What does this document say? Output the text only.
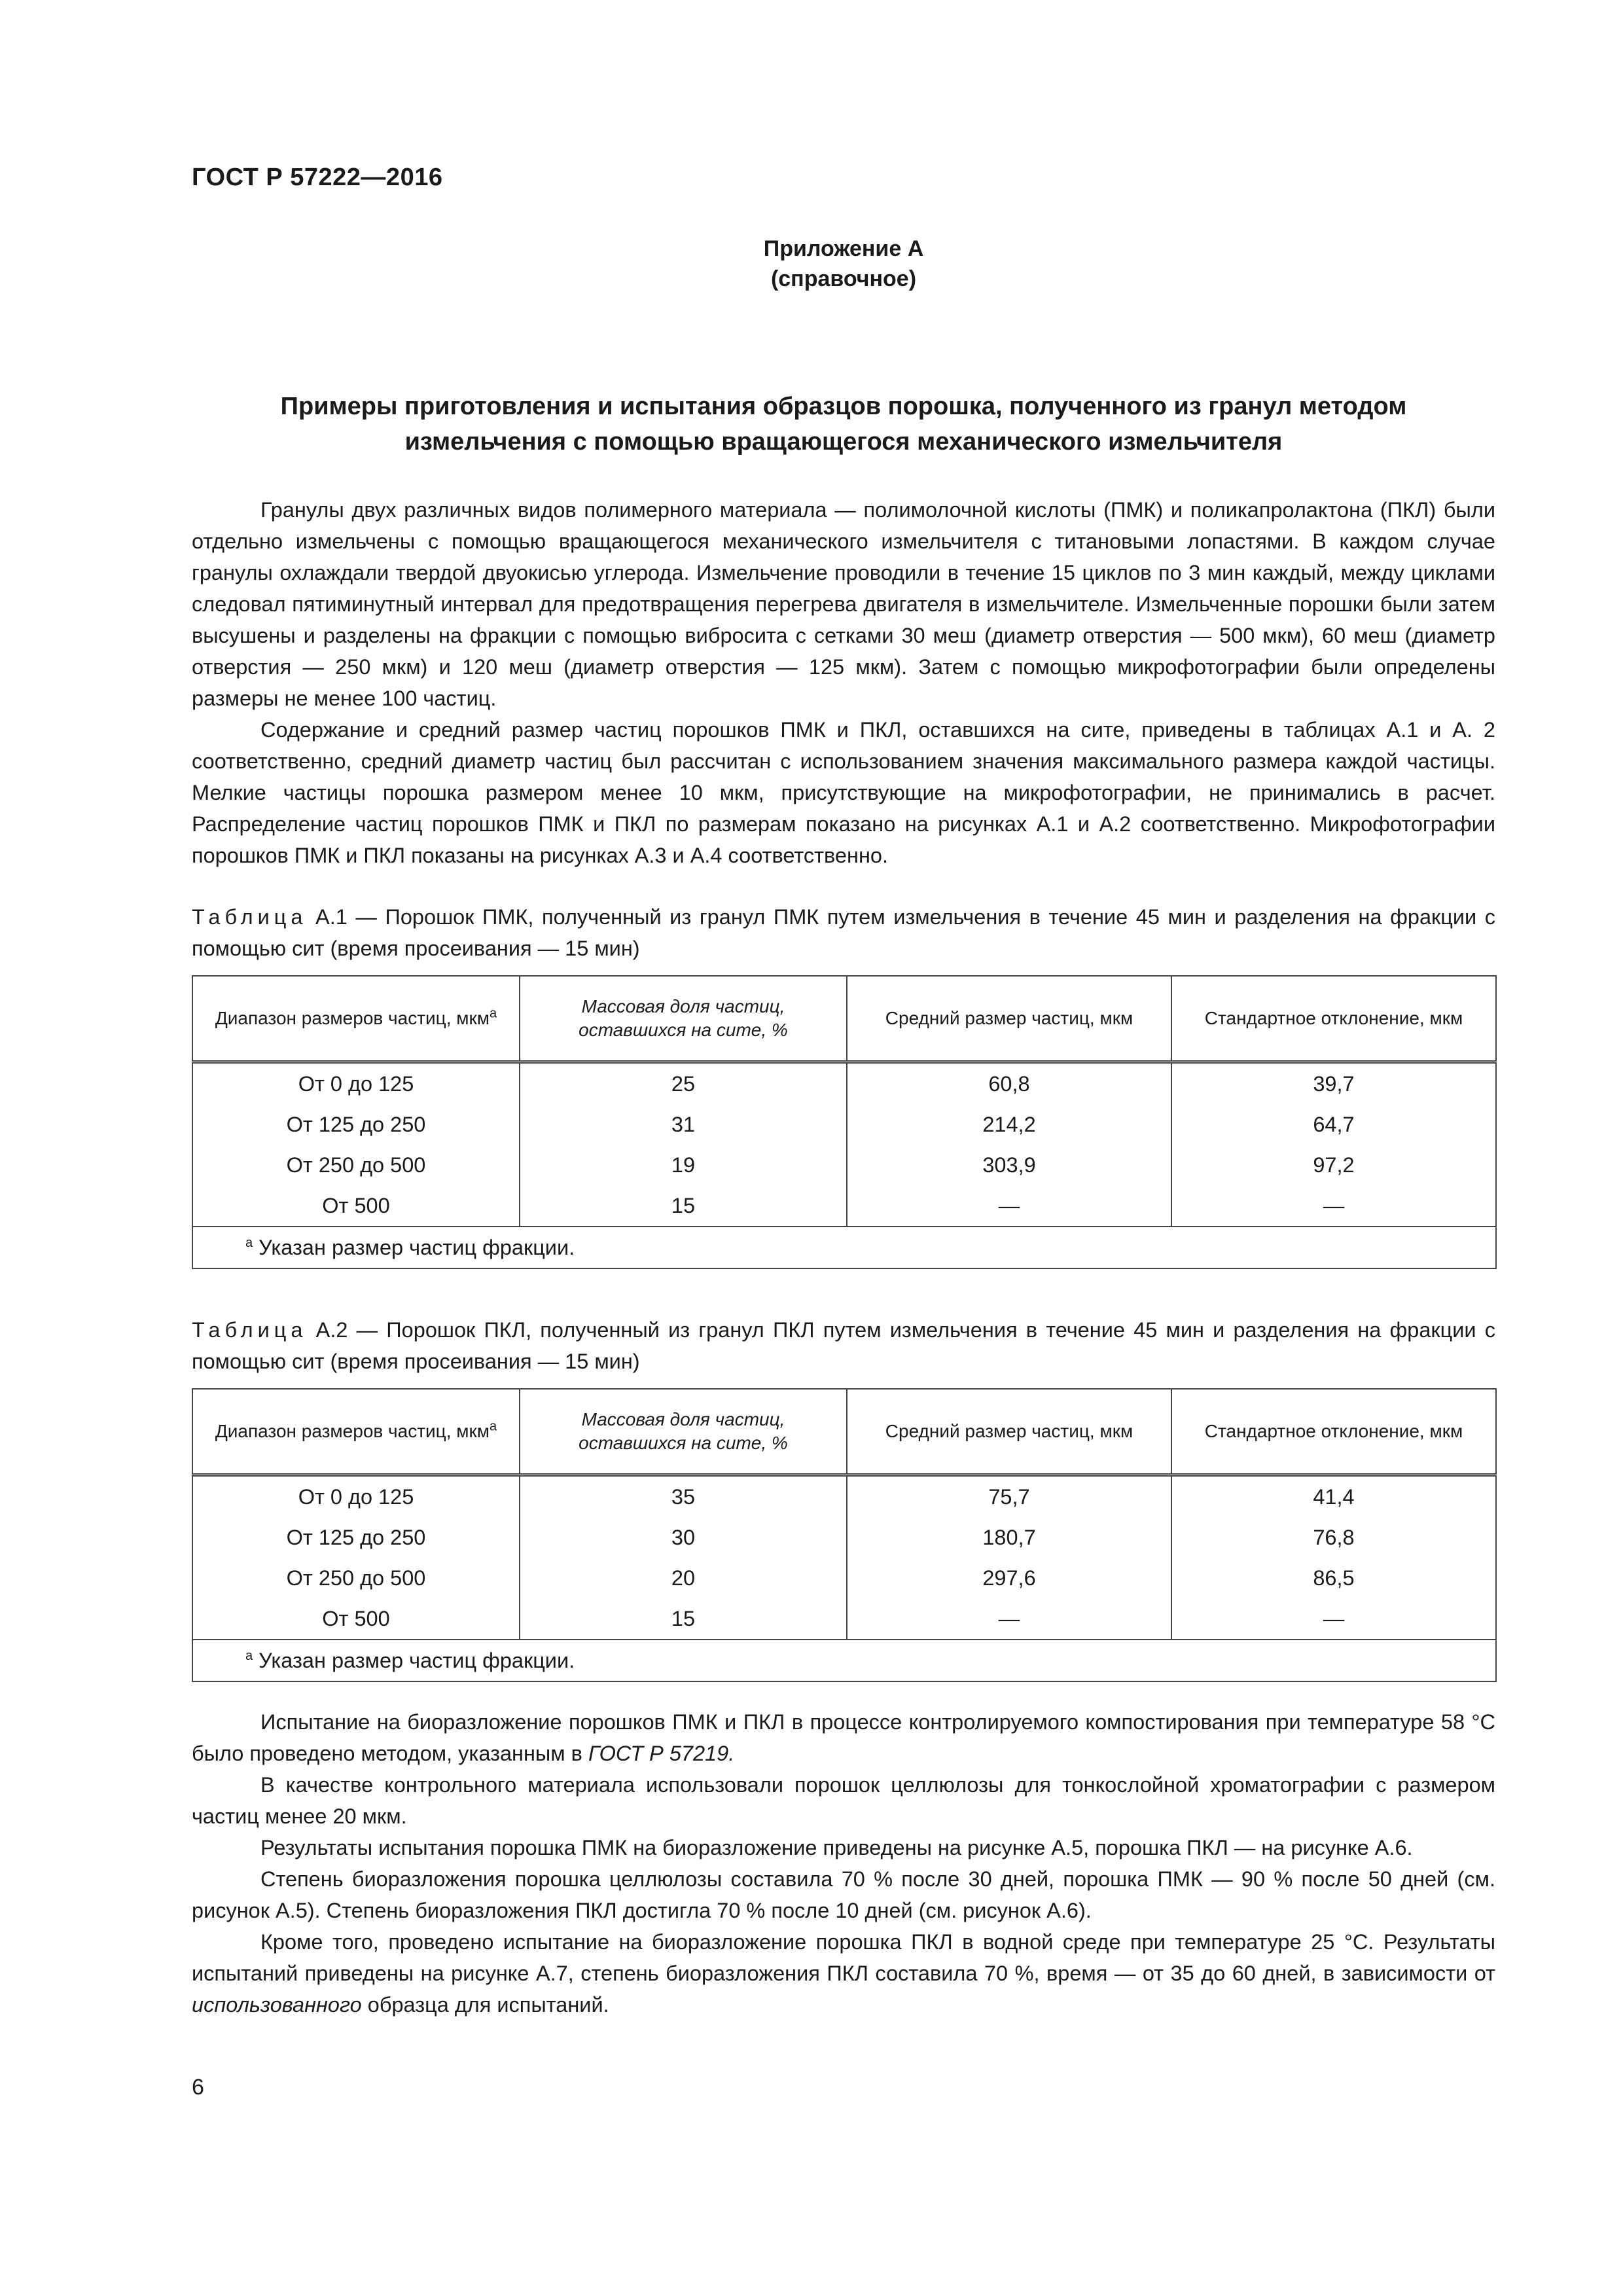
ГОСТ Р 57222—2016
Приложение А
(справочное)
Примеры приготовления и испытания образцов порошка, полученного из гранул методом
измельчения с помощью вращающегося механического измельчителя

Гранулы двух различных видов полимерного материала — полимолочной кислоты (ПМК) и поликапролактона (ПКЛ) были отдельно измельчены с помощью вращающегося механического измельчителя с титановыми лопастями. В каждом случае гранулы охлаждали твердой двуокисью углерода. Измельчение проводили в течение 15 циклов по 3 мин каждый, между циклами следовал пятиминутный интервал для предотвращения перегрева двигателя в измельчителе. Измельченные порошки были затем высушены и разделены на фракции с помощью вибросита с сетками 30 меш (диаметр отверстия — 500 мкм), 60 меш (диаметр отверстия — 250 мкм) и 120 меш (диаметр отверстия — 125 мкм). Затем с помощью микрофотографии были определены размеры не менее 100 частиц.

Содержание и средний размер частиц порошков ПМК и ПКЛ, оставшихся на сите, приведены в таблицах А.1 и А. 2 соответственно, средний диаметр частиц был рассчитан с использованием значения максимального размера каждой частицы. Мелкие частицы порошка размером менее 10 мкм, присутствующие на микрофотографии, не принимались в расчет. Распределение частиц порошков ПМК и ПКЛ по размерам показано на рисунках А.1 и А.2 соответственно. Микрофотографии порошков ПМК и ПКЛ показаны на рисунках А.3 и А.4 соответственно.

Таблица А.1 — Порошок ПМК, полученный из гранул ПМК путем измельчения в течение 45 мин и разделения на фракции с помощью сит (время просеивания — 15 мин)
Диапазон размеров частиц, мкм$^а$	Массовая доля частиц, оставшихся на сите, %	Средний размер частиц, мкм	Стандартное отклонение, мкм
От 0 до 125	25	60,8	39,7
От 125 до 250	31	214,2	64,7
От 250 до 500	19	303,9	97,2
От 500	15	—	—
$^а$ Указан размер частиц фракции.			
Таблица А.2 — Порошок ПКЛ, полученный из гранул ПКЛ путем измельчения в течение 45 мин и разделения на фракции с помощью сит (время просеивания — 15 мин)
Диапазон размеров частиц, мкм$^а$	Массовая доля частиц, оставшихся на сите, %	Средний размер частиц, мкм	Стандартное отклонение, мкм
От 0 до 125	35	75,7	41,4
От 125 до 250	30	180,7	76,8
От 250 до 500	20	297,6	86,5
От 500	15	—	—
$^а$ Указан размер частиц фракции.			

Испытание на биоразложение порошков ПМК и ПКЛ в процессе контролируемого компостирования при температуре 58 °С было проведено методом, указанным в ГОСТ Р 57219.

В качестве контрольного материала использовали порошок целлюлозы для тонкослойной хроматографии с размером частиц менее 20 мкм.

Результаты испытания порошка ПМК на биоразложение приведены на рисунке А.5, порошка ПКЛ — на рисунке А.6.

Степень биоразложения порошка целлюлозы составила 70 % после 30 дней, порошка ПМК — 90 % после 50 дней (см. рисунок А.5). Степень биоразложения ПКЛ достигла 70 % после 10 дней (см. рисунок А.6).

Кроме того, проведено испытание на биоразложение порошка ПКЛ в водной среде при температуре 25 °С. Результаты испытаний приведены на рисунке А.7, степень биоразложения ПКЛ составила 70 %, время — от 35 до 60 дней, в зависимости от использованного образца для испытаний.

6
